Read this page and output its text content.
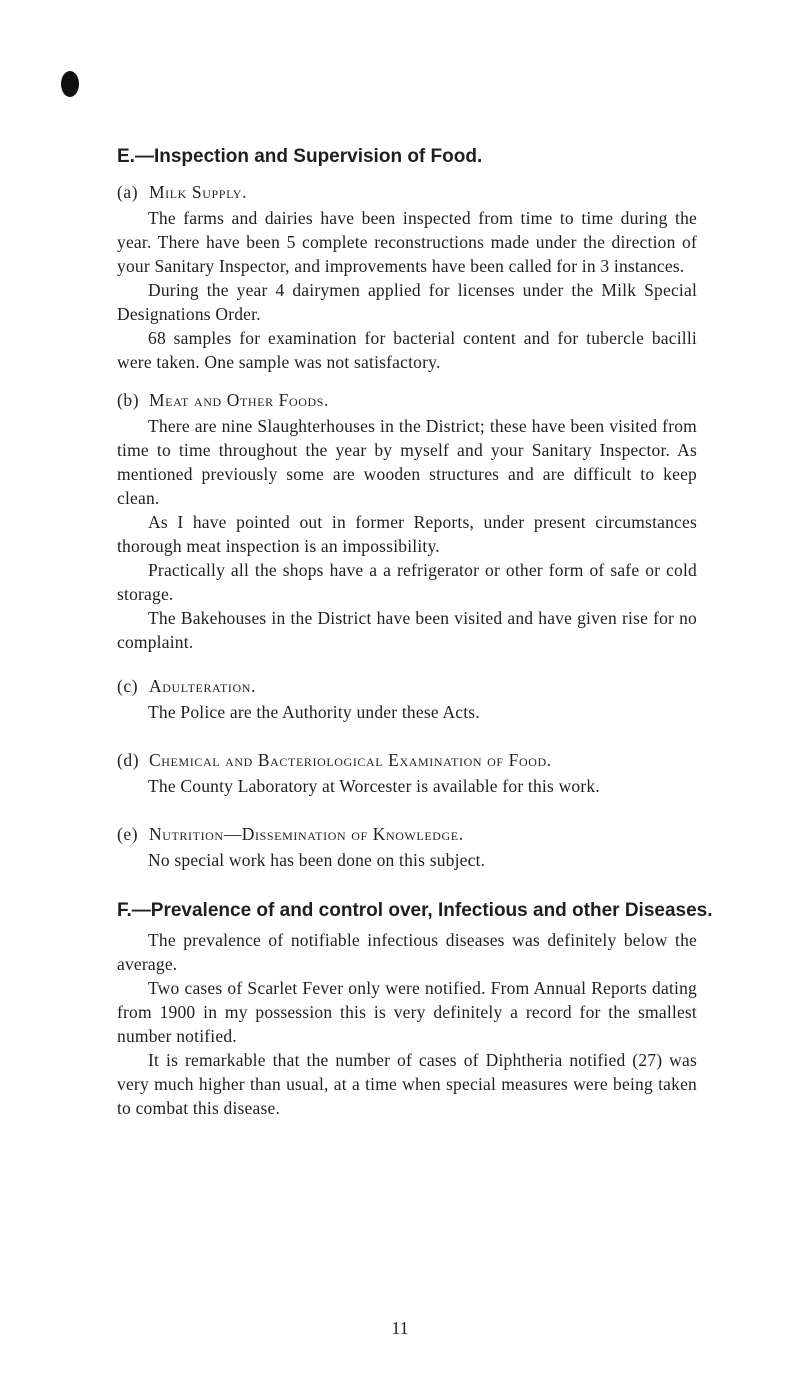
E.—Inspection and Supervision of Food.
(a) Milk Supply.

The farms and dairies have been inspected from time to time during the year. There have been 5 complete reconstructions made under the direction of your Sanitary Inspector, and improvements have been called for in 3 instances.

During the year 4 dairymen applied for licenses under the Milk Special Designations Order.

68 samples for examination for bacterial content and for tubercle bacilli were taken. One sample was not satisfactory.

(b) Meat and Other Foods.

There are nine Slaughterhouses in the District; these have been visited from time to time throughout the year by myself and your Sanitary Inspector. As mentioned previously some are wooden structures and are difficult to keep clean.

As I have pointed out in former Reports, under present circumstances thorough meat inspection is an impossibility.

Practically all the shops have a a refrigerator or other form of safe or cold storage.

The Bakehouses in the District have been visited and have given rise for no complaint.

(c) Adulteration.

The Police are the Authority under these Acts.

(d) Chemical and Bacteriological Examination of Food.

The County Laboratory at Worcester is available for this work.

(e) Nutrition—Dissemination of Knowledge.

No special work has been done on this subject.

F.—Prevalence of and control over, Infectious and other Diseases.

The prevalence of notifiable infectious diseases was definitely below the average.

Two cases of Scarlet Fever only were notified. From Annual Reports dating from 1900 in my possession this is very definitely a record for the smallest number notified.

It is remarkable that the number of cases of Diphtheria notified (27) was very much higher than usual, at a time when special measures were being taken to combat this disease.

11
